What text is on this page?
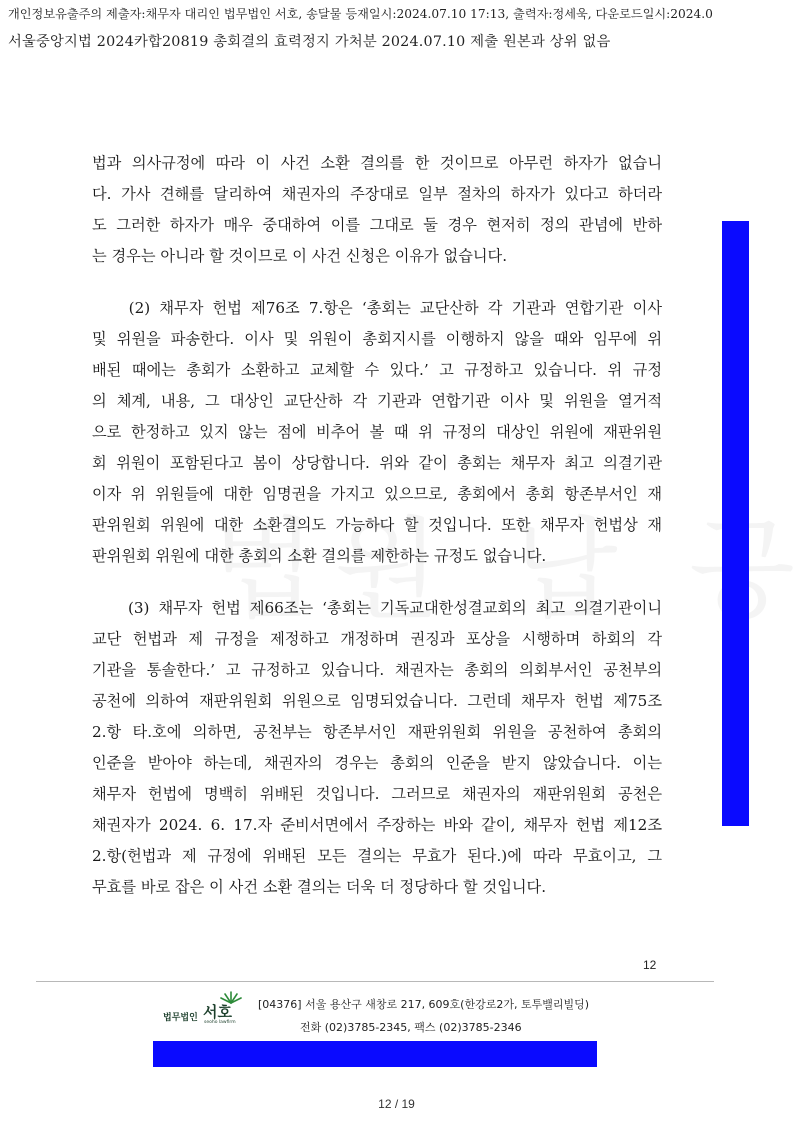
개인정보유출주의 제출자:채무자 대리인 법무법인 서호, 송달물 등재일시:2024.07.10 17:13, 출력자:정세욱, 다운로드일시:2024.0
서울중앙지법 2024카합20819 총회결의 효력정지 가처분 2024.07.10 제출 원본과 상위 없음
법과 의사규정에 따라 이 사건 소환 결의를 한 것이므로 아무런 하자가 없습니
다. 가사 견해를 달리하여 채권자의 주장대로 일부 절차의 하자가 있다고 하더라
도 그러한 하자가 매우 중대하여 이를 그대로 둘 경우 현저히 정의 관념에 반하
는 경우는 아니라 할 것이므로 이 사건 신청은 이유가 없습니다.
(2) 채무자 헌법 제76조 7.항은 ‘총회는 교단산하 각 기관과 연합기관 이사
및 위원을 파송한다. 이사 및 위원이 총회지시를 이행하지 않을 때와 임무에 위
배된 때에는 총회가 소환하고 교체할 수 있다.’ 고 규정하고 있습니다. 위 규정
의 체계, 내용, 그 대상인 교단산하 각 기관과 연합기관 이사 및 위원을 열거적
으로 한정하고 있지 않는 점에 비추어 볼 때 위 규정의 대상인 위원에 재판위원
회 위원이 포함된다고 봄이 상당합니다. 위와 같이 총회는 채무자 최고 의결기관
이자 위 위원들에 대한 임명권을 가지고 있으므로, 총회에서 총회 항존부서인 재
판위원회 위원에 대한 소환결의도 가능하다 할 것입니다. 또한 채무자 헌법상 재
판위원회 위원에 대한 총회의 소환 결의를 제한하는 규정도 없습니다.
(3) 채무자 헌법 제66조는 ‘총회는 기독교대한성결교회의 최고 의결기관이니
교단 헌법과 제 규정을 제정하고 개정하며 권징과 포상을 시행하며 하회의 각
기관을 통솔한다.’ 고 규정하고 있습니다. 채권자는 총회의 의회부서인 공천부의
공천에 의하여 재판위원회 위원으로 임명되었습니다. 그런데 채무자 헌법 제75조
2.항 타.호에 의하면, 공천부는 항존부서인 재판위원회 위원을 공천하여 총회의
인준을 받아야 하는데, 채권자의 경우는 총회의 인준을 받지 않았습니다. 이는
채무자 헌법에 명백히 위배된 것입니다. 그러므로 채권자의 재판위원회 공천은
채권자가 2024. 6. 17.자 준비서면에서 주장하는 바와 같이, 채무자 헌법 제12조
2.항(헌법과 제 규정에 위배된 모든 결의는 무효가 된다.)에 따라 무효이고, 그
무효를 바로 잡은 이 사건 소환 결의는 더욱 더 정당하다 할 것입니다.
12
법무법인 서호
seoho lawfirm
[04376] 서울 용산구 새창로 217, 609호(한강로2가, 토투밸리빌딩)
전화 (02)3785-2345, 팩스 (02)3785-2346
12 / 19
